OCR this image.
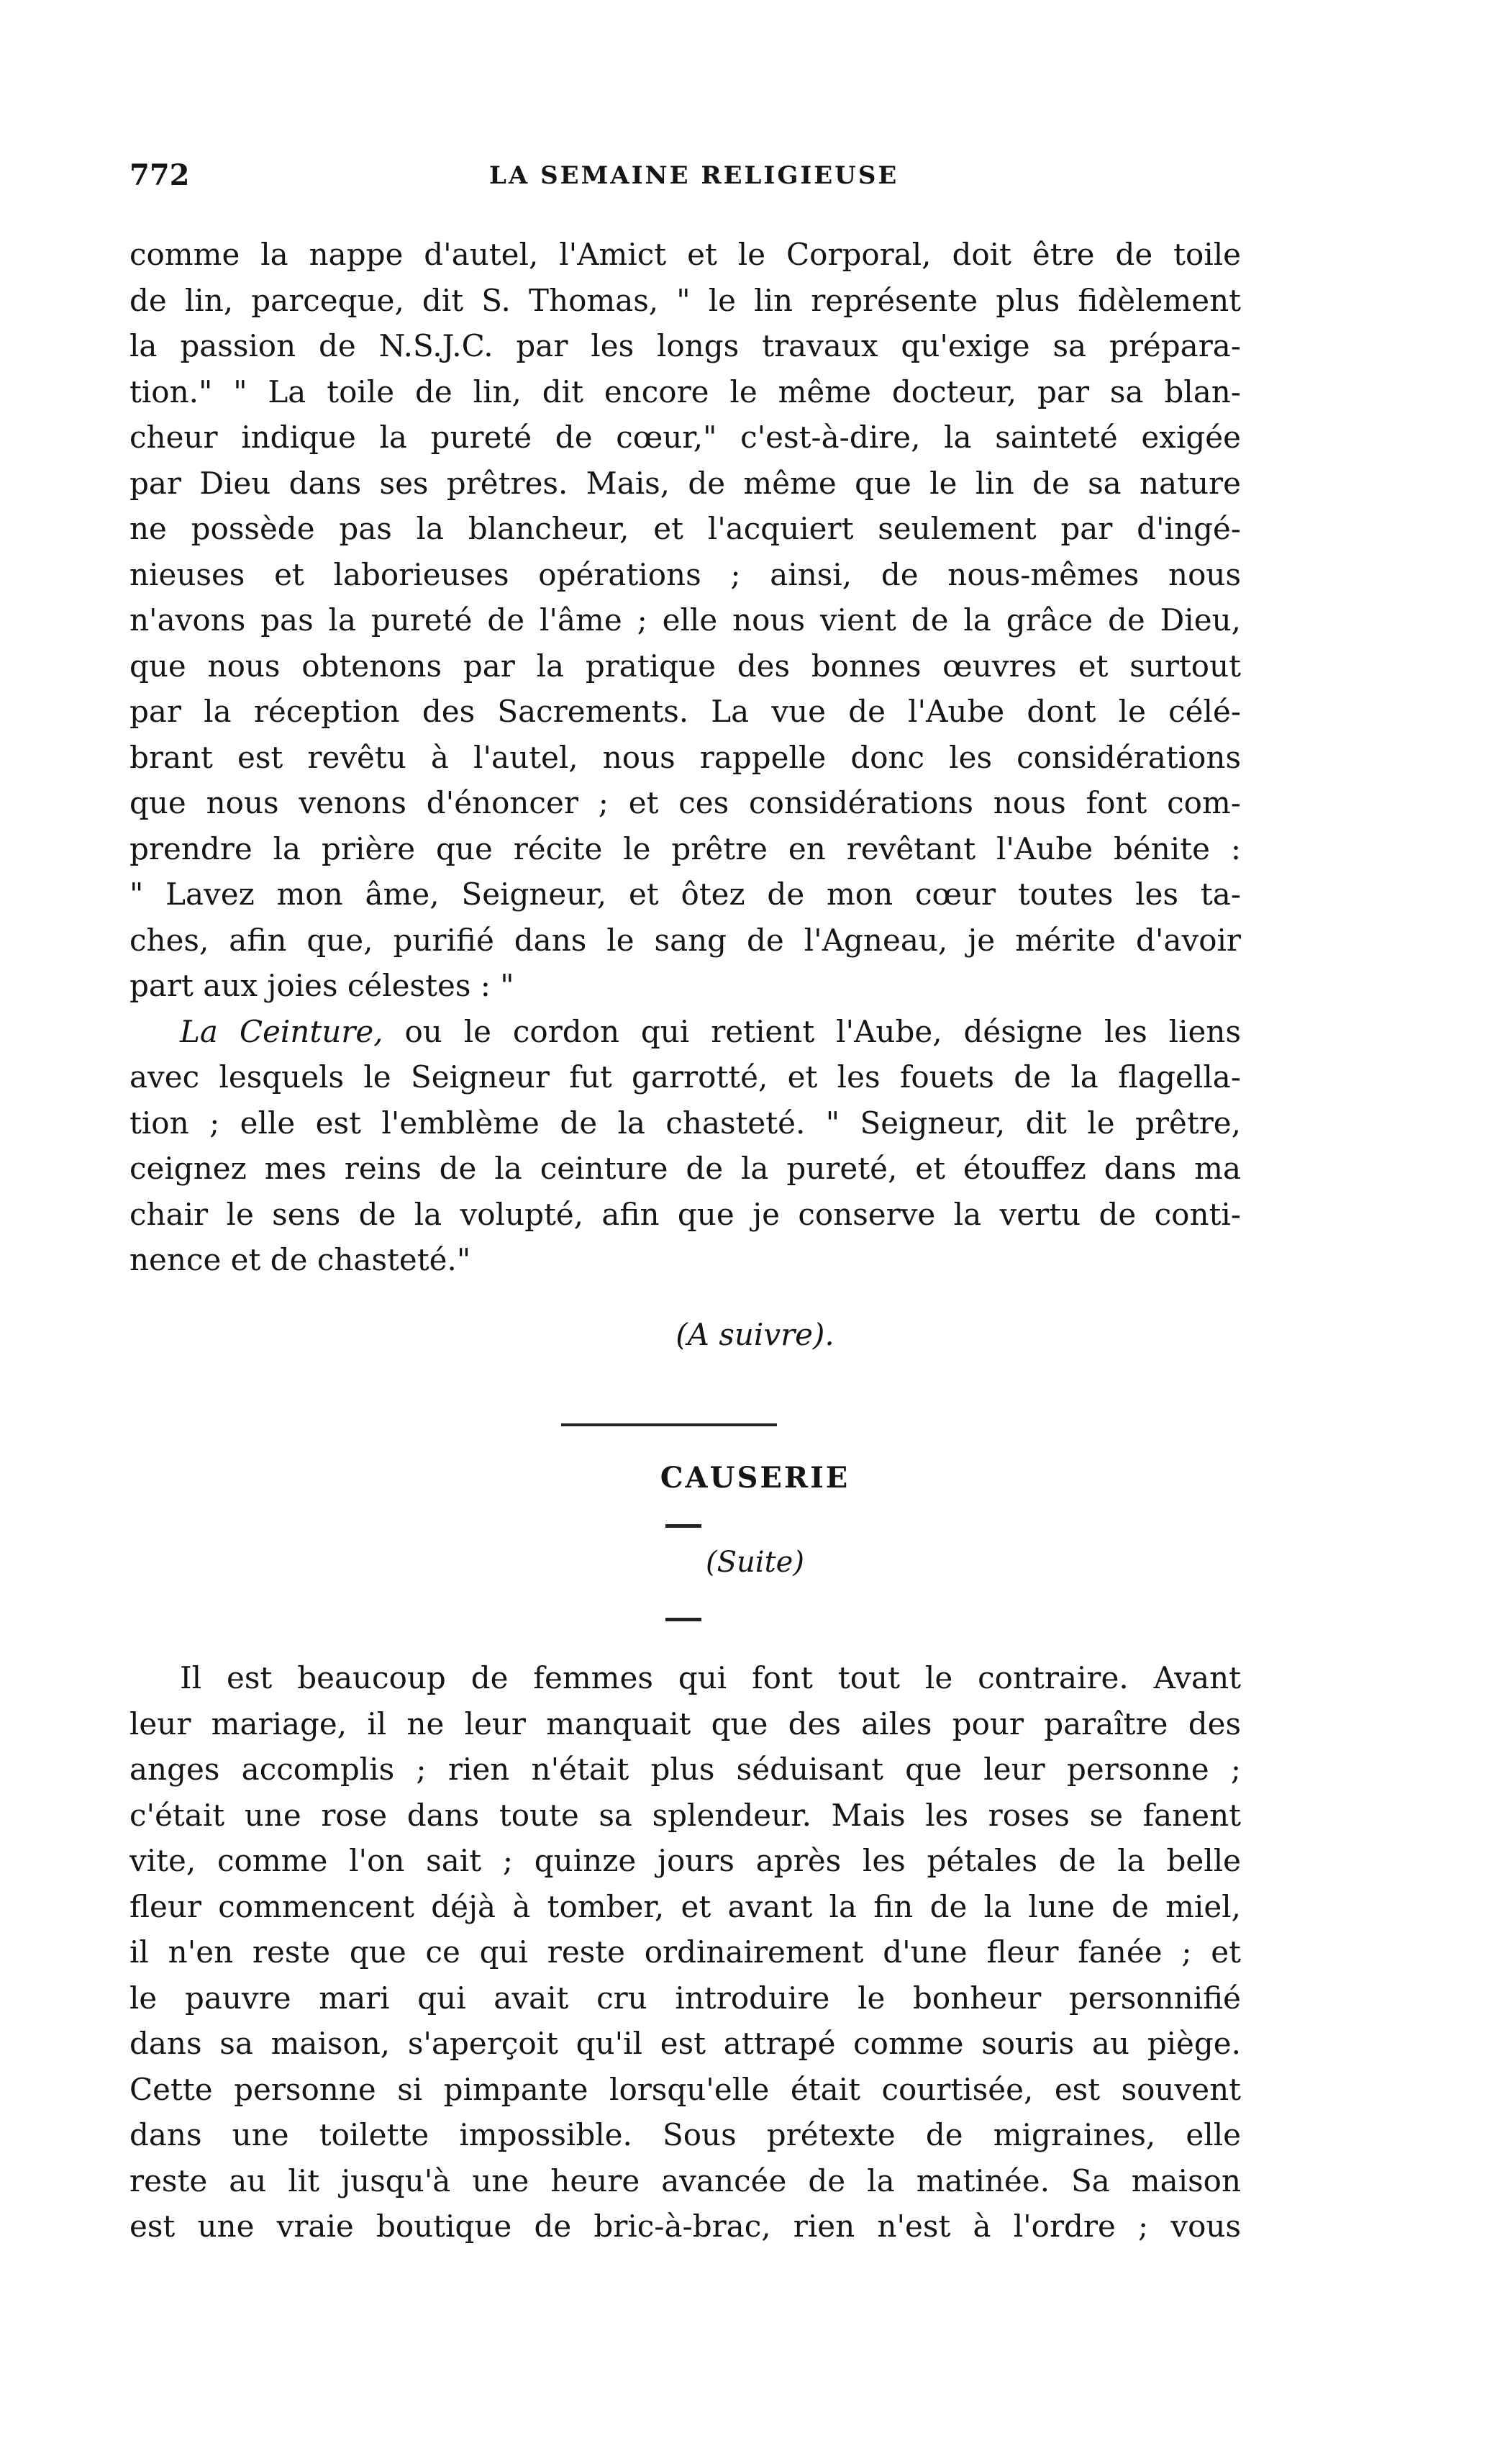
772	LA SEMAINE RELIGIEUSE
comme la nappe d'autel, l'Amict et le Corporal, doit être de toile
de lin, parceque, dit S. Thomas, " le lin représente plus fidèlement
la passion de N.S.J.C. par les longs travaux qu'exige sa prépara-
tion." " La toile de lin, dit encore le même docteur, par sa blan-
cheur indique la pureté de cœur," c'est-à-dire, la sainteté exigée
par Dieu dans ses prêtres. Mais, de même que le lin de sa nature
ne possède pas la blancheur, et l'acquiert seulement par d'ingé-
nieuses et laborieuses opérations ; ainsi, de nous-mêmes nous
n'avons pas la pureté de l'âme ; elle nous vient de la grâce de Dieu,
que nous obtenons par la pratique des bonnes œuvres et surtout
par la réception des Sacrements. La vue de l'Aube dont le célé-
brant est revêtu à l'autel, nous rappelle donc les considérations
que nous venons d'énoncer ; et ces considérations nous font com-
prendre la prière que récite le prêtre en revêtant l'Aube bénite :
" Lavez mon âme, Seigneur, et ôtez de mon cœur toutes les ta-
ches, afin que, purifié dans le sang de l'Agneau, je mérite d'avoir
part aux joies célestes : "
La Ceinture, ou le cordon qui retient l'Aube, désigne les liens
avec lesquels le Seigneur fut garrotté, et les fouets de la flagella-
tion ; elle est l'emblème de la chasteté. " Seigneur, dit le prêtre,
ceignez mes reins de la ceinture de la pureté, et étouffez dans ma
chair le sens de la volupté, afin que je conserve la vertu de conti-
nence et de chasteté."
(A suivre).
CAUSERIE
(Suite)
Il est beaucoup de femmes qui font tout le contraire. Avant
leur mariage, il ne leur manquait que des ailes pour paraître des
anges accomplis ; rien n'était plus séduisant que leur personne ;
c'était une rose dans toute sa splendeur. Mais les roses se fanent
vite, comme l'on sait ; quinze jours après les pétales de la belle
fleur commencent déjà à tomber, et avant la fin de la lune de miel,
il n'en reste que ce qui reste ordinairement d'une fleur fanée ; et
le pauvre mari qui avait cru introduire le bonheur personnifié
dans sa maison, s'aperçoit qu'il est attrapé comme souris au piège.
Cette personne si pimpante lorsqu'elle était courtisée, est souvent
dans une toilette impossible. Sous prétexte de migraines, elle
reste au lit jusqu'à une heure avancée de la matinée. Sa maison
est une vraie boutique de bric-à-brac, rien n'est à l'ordre ; vous
